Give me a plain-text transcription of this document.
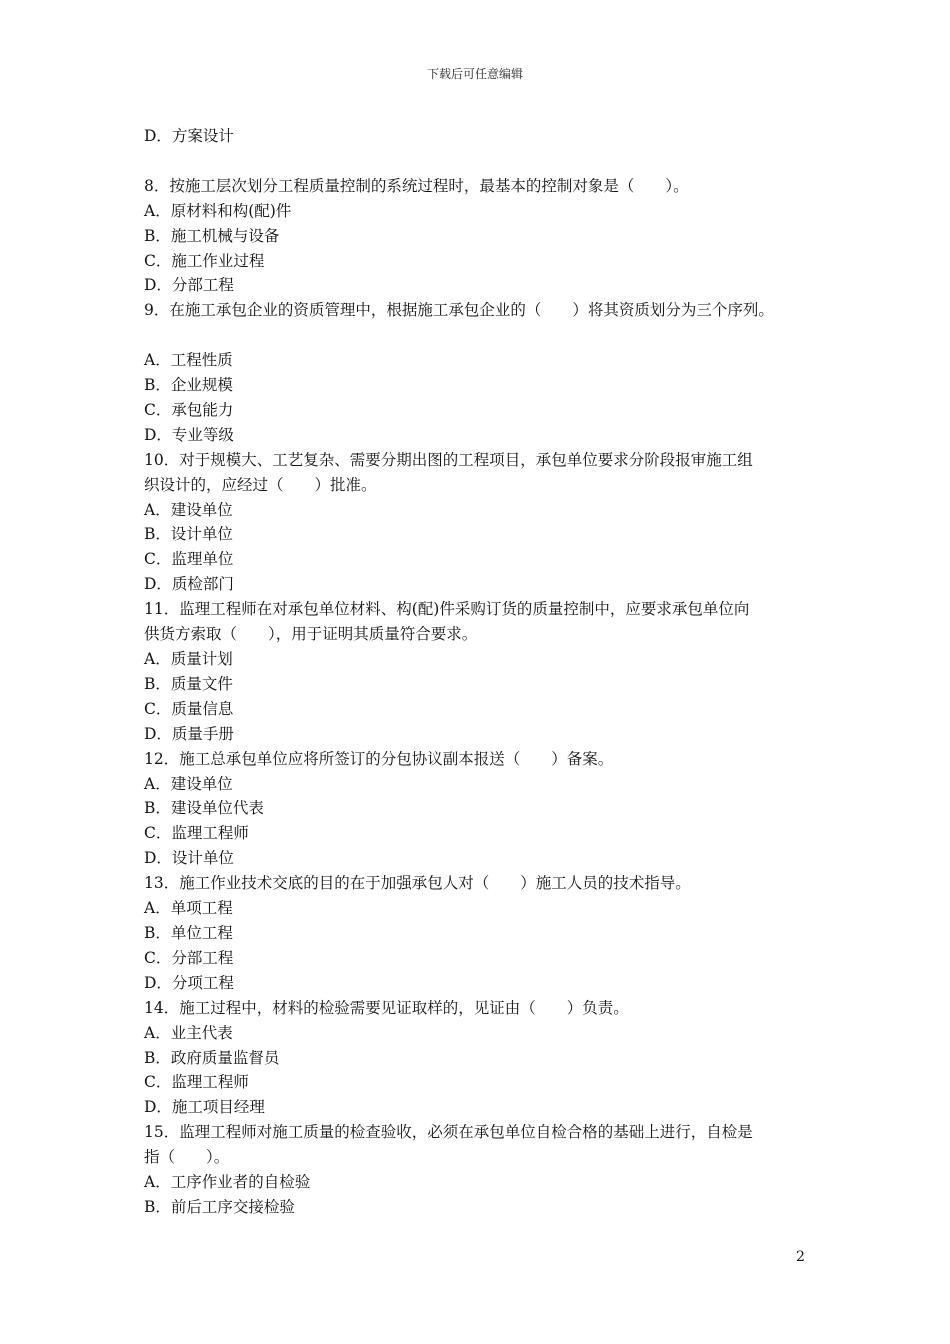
下载后可任意编辑
D．方案设计
8．按施工层次划分工程质量控制的系统过程时，最基本的控制对象是（　　）。
A．原材料和构(配)件
B．施工机械与设备
C．施工作业过程
D．分部工程
9．在施工承包企业的资质管理中，根据施工承包企业的（　　）将其资质划分为三个序列。
A．工程性质
B．企业规模
C．承包能力
D．专业等级
10．对于规模大、工艺复杂、需要分期出图的工程项目，承包单位要求分阶段报审施工组
织设计的，应经过（　　）批准。
A．建设单位
B．设计单位
C．监理单位
D．质检部门
11．监理工程师在对承包单位材料、构(配)件采购订货的质量控制中，应要求承包单位向
供货方索取（　　），用于证明其质量符合要求。
A．质量计划
B．质量文件
C．质量信息
D．质量手册
12．施工总承包单位应将所签订的分包协议副本报送（　　）备案。
A．建设单位
B．建设单位代表
C．监理工程师
D．设计单位
13．施工作业技术交底的目的在于加强承包人对（　　）施工人员的技术指导。
A．单项工程
B．单位工程
C．分部工程
D．分项工程
14．施工过程中，材料的检验需要见证取样的，见证由（　　）负责。
A．业主代表
B．政府质量监督员
C．监理工程师
D．施工项目经理
15．监理工程师对施工质量的检查验收，必须在承包单位自检合格的基础上进行，自检是
指（　　）。
A．工序作业者的自检验
B．前后工序交接检验
2
